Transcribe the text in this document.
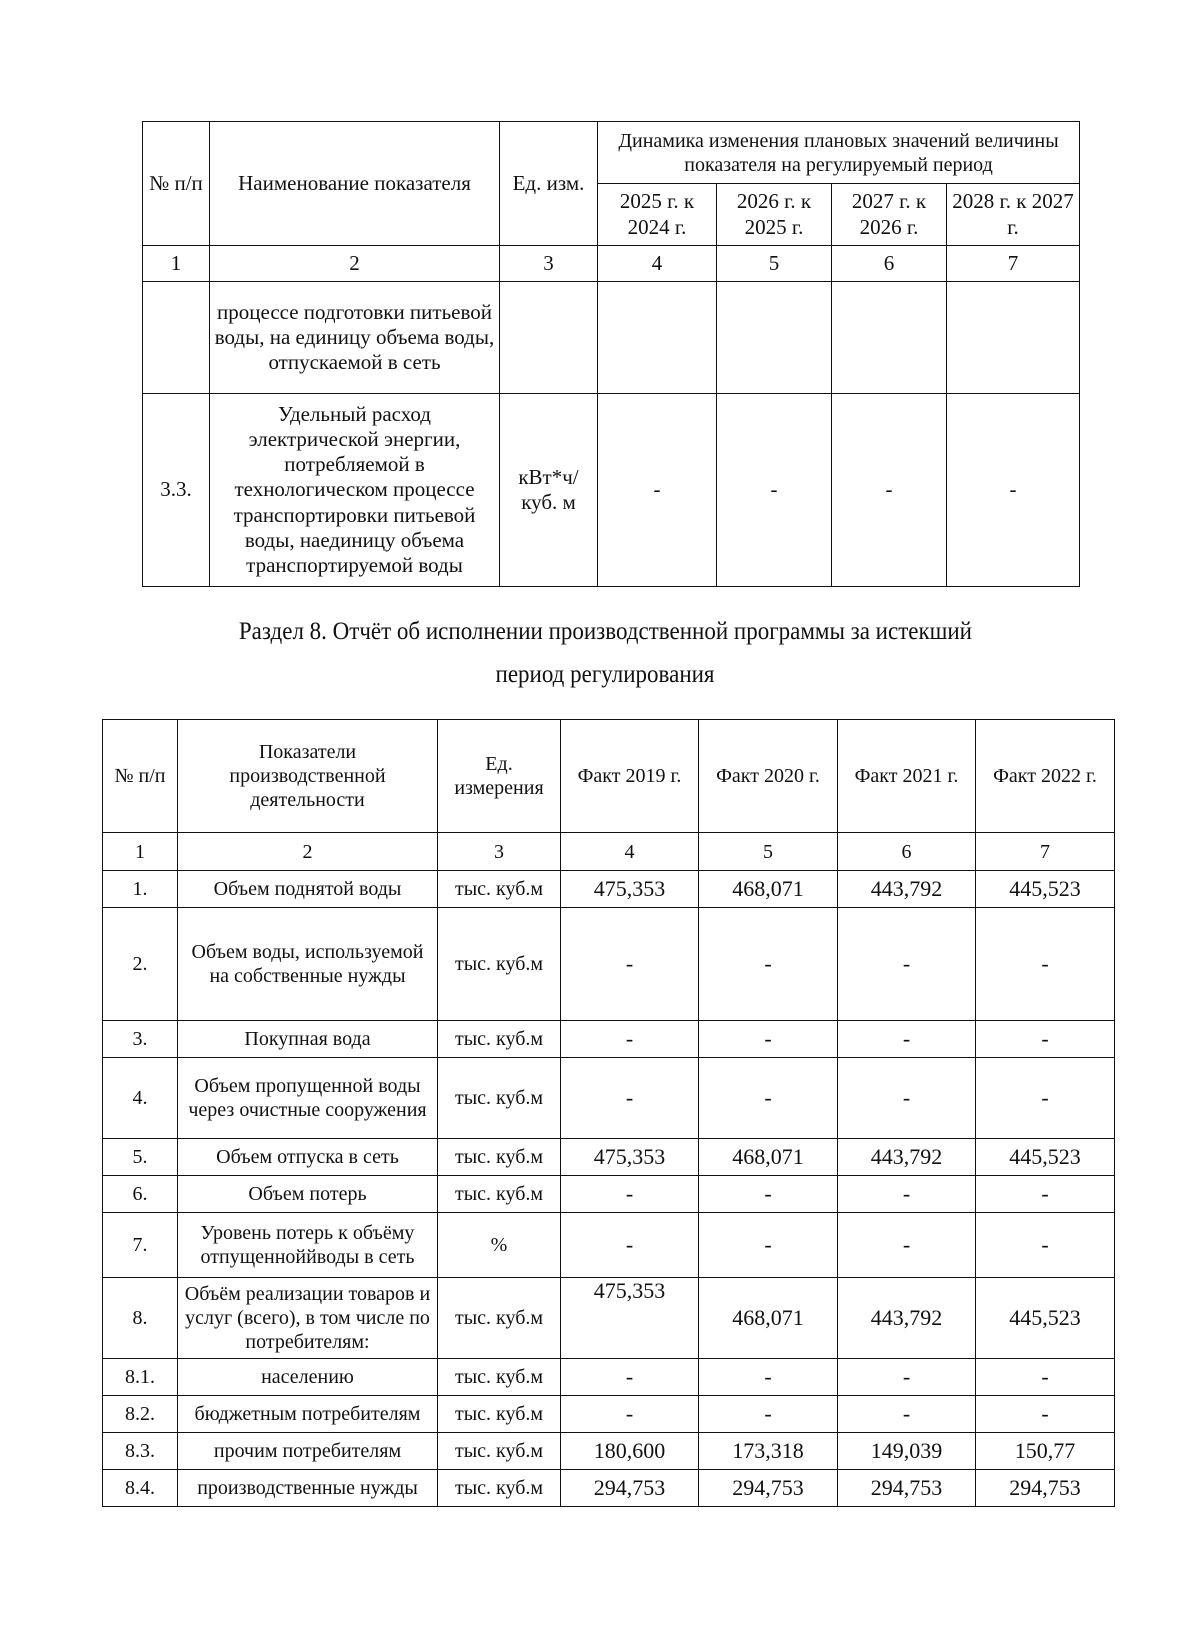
№ п/п	Наименование показателя	Ед. изм.	Динамика изменения плановых значений величины показателя на регулируемый период			
			2025 г. к 2024 г.	2026 г. к 2025 г.	2027 г. к 2026 г.	2028 г. к 2027 г.
1	2	3	4	5	6	7
	процессе подготовки питьевой воды, на единицу объема воды, отпускаемой в сеть					
3.3.	Удельный расход электрической энергии, потребляемой в технологическом процессе транспортировки питьевой воды, наединицу объема транспортируемой воды	кВт*ч/ куб. м	-	-	-	-
Раздел 8. Отчёт об исполнении производственной программы за истекший
период регулирования
№ п/п	Показатели производственной деятельности	Ед. измерения	Факт 2019 г.	Факт 2020 г.	Факт 2021 г.	Факт 2022 г.
1	2	3	4	5	6	7
1.	Объем поднятой воды	тыс. куб.м	475,353	468,071	443,792	445,523
2.	Объем воды, используемой на собственные нужды	тыс. куб.м	-	-	-	-
3.	Покупная вода	тыс. куб.м	-	-	-	-
4.	Объем пропущенной воды через очистные сооружения	тыс. куб.м	-	-	-	-
5.	Объем отпуска в сеть	тыс. куб.м	475,353	468,071	443,792	445,523
6.	Объем потерь	тыс. куб.м	-	-	-	-
7.	Уровень потерь к объёму отпущенноййводы в сеть	%	-	-	-	-
8.	Объём реализации товаров и услуг (всего), в том числе по потребителям:	тыс. куб.м	475,353	468,071	443,792	445,523
8.1.	населению	тыс. куб.м	-	-	-	-
8.2.	бюджетным потребителям	тыс. куб.м	-	-	-	-
8.3.	прочим потребителям	тыс. куб.м	180,600	173,318	149,039	150,77
8.4.	производственные нужды	тыс. куб.м	294,753	294,753	294,753	294,753
